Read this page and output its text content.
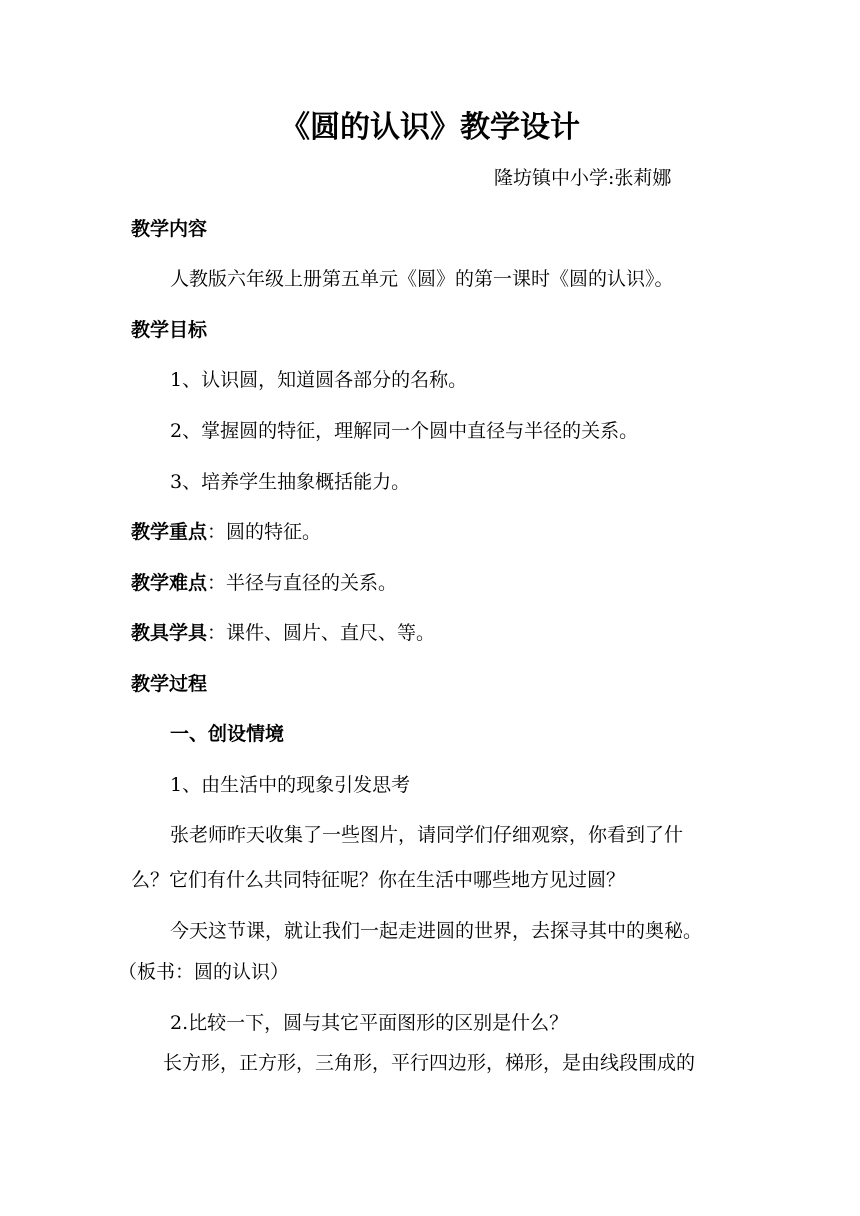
《圆的认识》教学设计
隆坊镇中小学:张莉娜
教学内容
人教版六年级上册第五单元《圆》的第一课时《圆的认识》。
教学目标
1、认识圆，知道圆各部分的名称。
2、掌握圆的特征，理解同一个圆中直径与半径的关系。
3、培养学生抽象概括能力。
教学重点：圆的特征。
教学难点：半径与直径的关系。
教具学具：课件、圆片、直尺、等。
教学过程
一、创设情境
1、由生活中的现象引发思考
张老师昨天收集了一些图片，请同学们仔细观察，你看到了什
么？它们有什么共同特征呢？你在生活中哪些地方见过圆？
今天这节课，就让我们一起走进圆的世界，去探寻其中的奥秘。
（板书：圆的认识）
2.比较一下，圆与其它平面图形的区别是什么？
长方形，正方形，三角形，平行四边形，梯形，是由线段围成的
